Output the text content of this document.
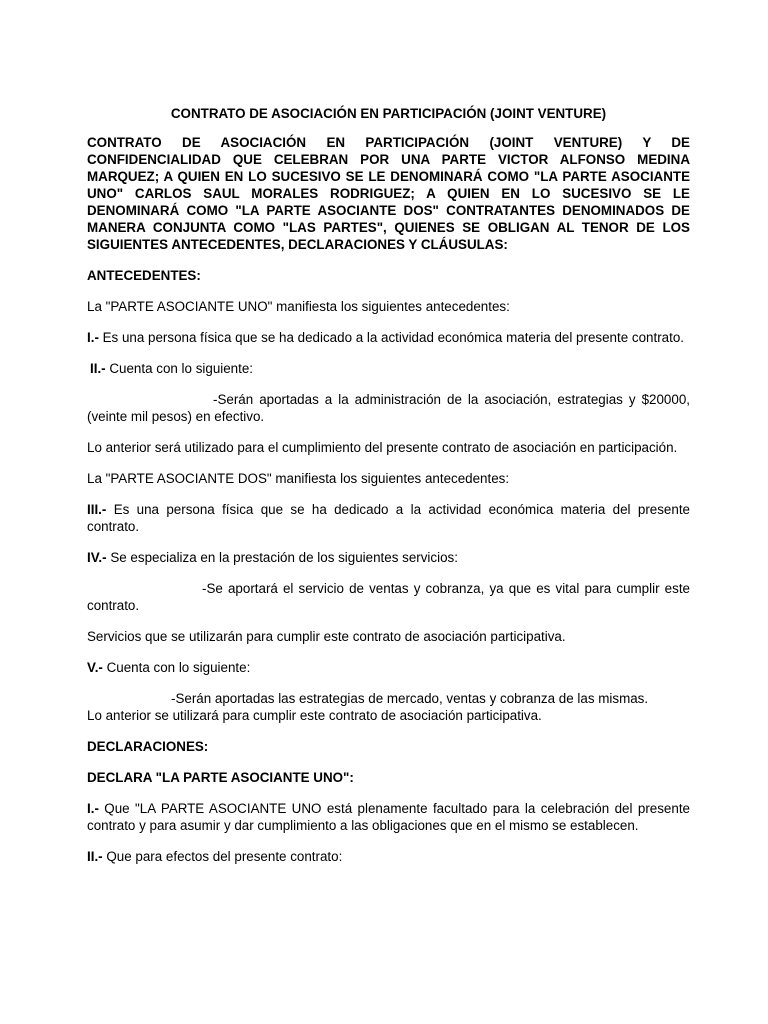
CONTRATO DE ASOCIACIÓN EN PARTICIPACIÓN (JOINT VENTURE)

CONTRATO DE ASOCIACIÓN EN PARTICIPACIÓN (JOINT VENTURE) Y DE CONFIDENCIALIDAD QUE CELEBRAN POR UNA PARTE VICTOR ALFONSO MEDINA MARQUEZ; A QUIEN EN LO SUCESIVO SE LE DENOMINARÁ COMO "LA PARTE ASOCIANTE UNO" CARLOS SAUL MORALES RODRIGUEZ; A QUIEN EN LO SUCESIVO SE LE DENOMINARÁ COMO "LA PARTE ASOCIANTE DOS" CONTRATANTES DENOMINADOS DE MANERA CONJUNTA COMO "LAS PARTES", QUIENES SE OBLIGAN AL TENOR DE LOS SIGUIENTES ANTECEDENTES, DECLARACIONES Y CLÁUSULAS:

ANTECEDENTES:

La "PARTE ASOCIANTE UNO" manifiesta los siguientes antecedentes:

I.- Es una persona física que se ha dedicado a la actividad económica materia del presente contrato.

II.- Cuenta con lo siguiente:

-Serán aportadas a la administración de la asociación, estrategias y $20000, (veinte mil pesos) en efectivo.

Lo anterior será utilizado para el cumplimiento del presente contrato de asociación en participación.

La "PARTE ASOCIANTE DOS" manifiesta los siguientes antecedentes:

III.- Es una persona física que se ha dedicado a la actividad económica materia del presente contrato.

IV.- Se especializa en la prestación de los siguientes servicios:

-Se aportará el servicio de ventas y cobranza, ya que es vital para cumplir este contrato.

Servicios que se utilizarán para cumplir este contrato de asociación participativa.

V.- Cuenta con lo siguiente:

-Serán aportadas las estrategias de mercado, ventas y cobranza de las mismas.

Lo anterior se utilizará para cumplir este contrato de asociación participativa.

DECLARACIONES:

DECLARA "LA PARTE ASOCIANTE UNO":

I.- Que "LA PARTE ASOCIANTE UNO está plenamente facultado para la celebración del presente contrato y para asumir y dar cumplimiento a las obligaciones que en el mismo se establecen.

II.- Que para efectos del presente contrato:
